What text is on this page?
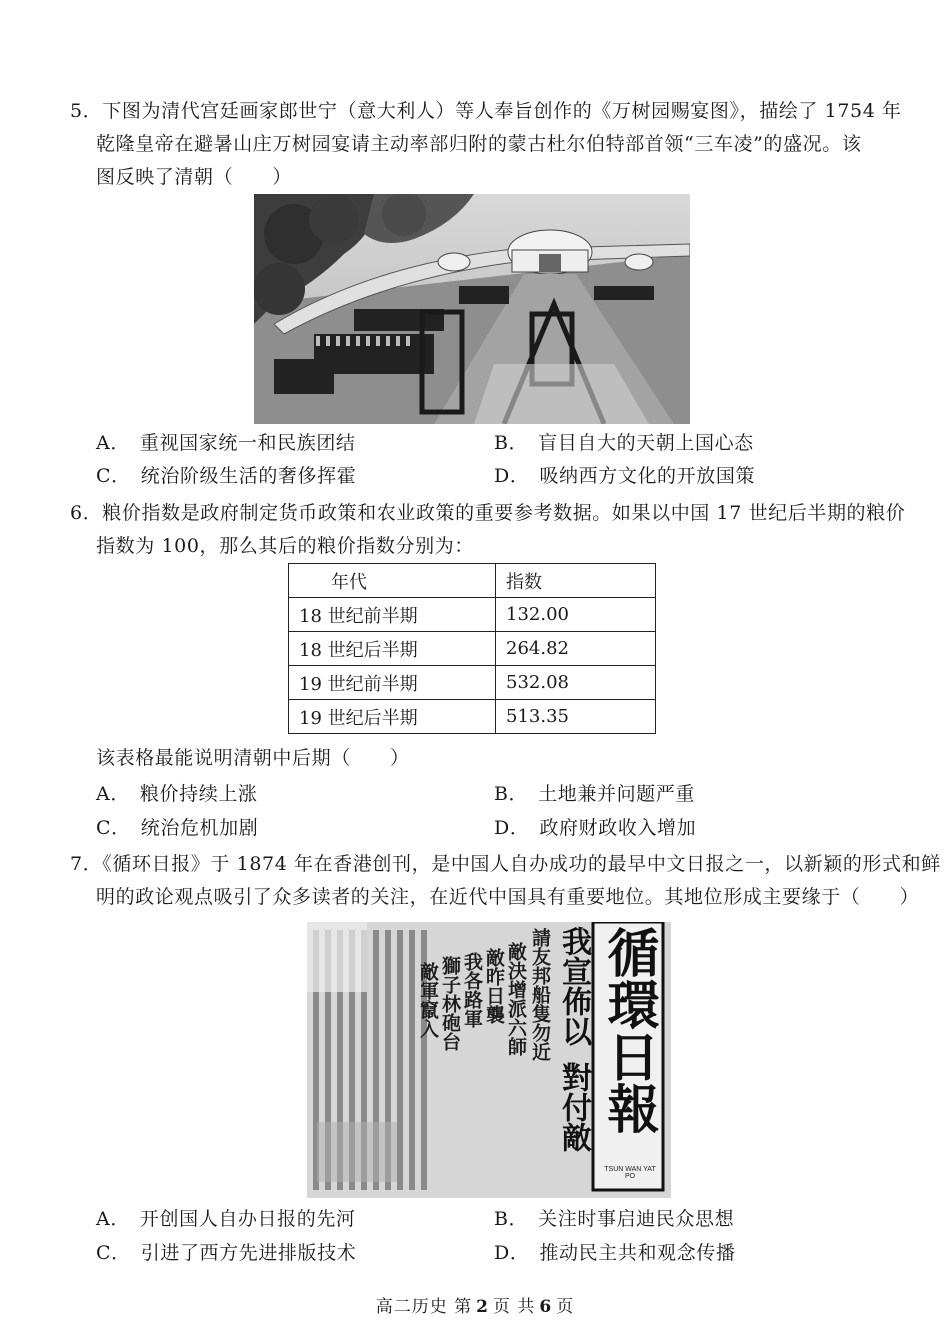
5．下图为清代宫廷画家郎世宁（意大利人）等人奉旨创作的《万树园赐宴图》，描绘了 1754 年
乾隆皇帝在避暑山庄万树园宴请主动率部归附的蒙古杜尔伯特部首领“三车凌”的盛况。该
图反映了清朝（　　）
A． 重视国家统一和民族团结	B． 盲目自大的天朝上国心态
C． 统治阶级生活的奢侈挥霍	D． 吸纳西方文化的开放国策
6．粮价指数是政府制定货币政策和农业政策的重要参考数据。如果以中国 17 世纪后半期的粮价
指数为 100，那么其后的粮价指数分别为：
年代	指数
18 世纪前半期	132.00
18 世纪后半期	264.82
19 世纪前半期	532.08
19 世纪后半期	513.35
该表格最能说明清朝中后期（　　）
A． 粮价持续上涨	B． 土地兼并问题严重
C． 统治危机加剧	D． 政府财政收入增加
7．《循环日报》于 1874 年在香港创刊，是中国人自办成功的最早中文日报之一，以新颖的形式和鲜
明的政论观点吸引了众多读者的关注，在近代中国具有重要地位。其地位形成主要缘于（　　）
循環日報
TSUN WAN YAT PO
我宣佈以
對付敵
請友邦船隻勿近
敵決增派六師
敵昨日襲
我各路軍
獅子林砲台
敵軍竄入
A． 开创国人自办日报的先河	B． 关注时事启迪民众思想
C． 引进了西方先进排版技术	D． 推动民主共和观念传播
高二历史 第 2 页 共 6 页
